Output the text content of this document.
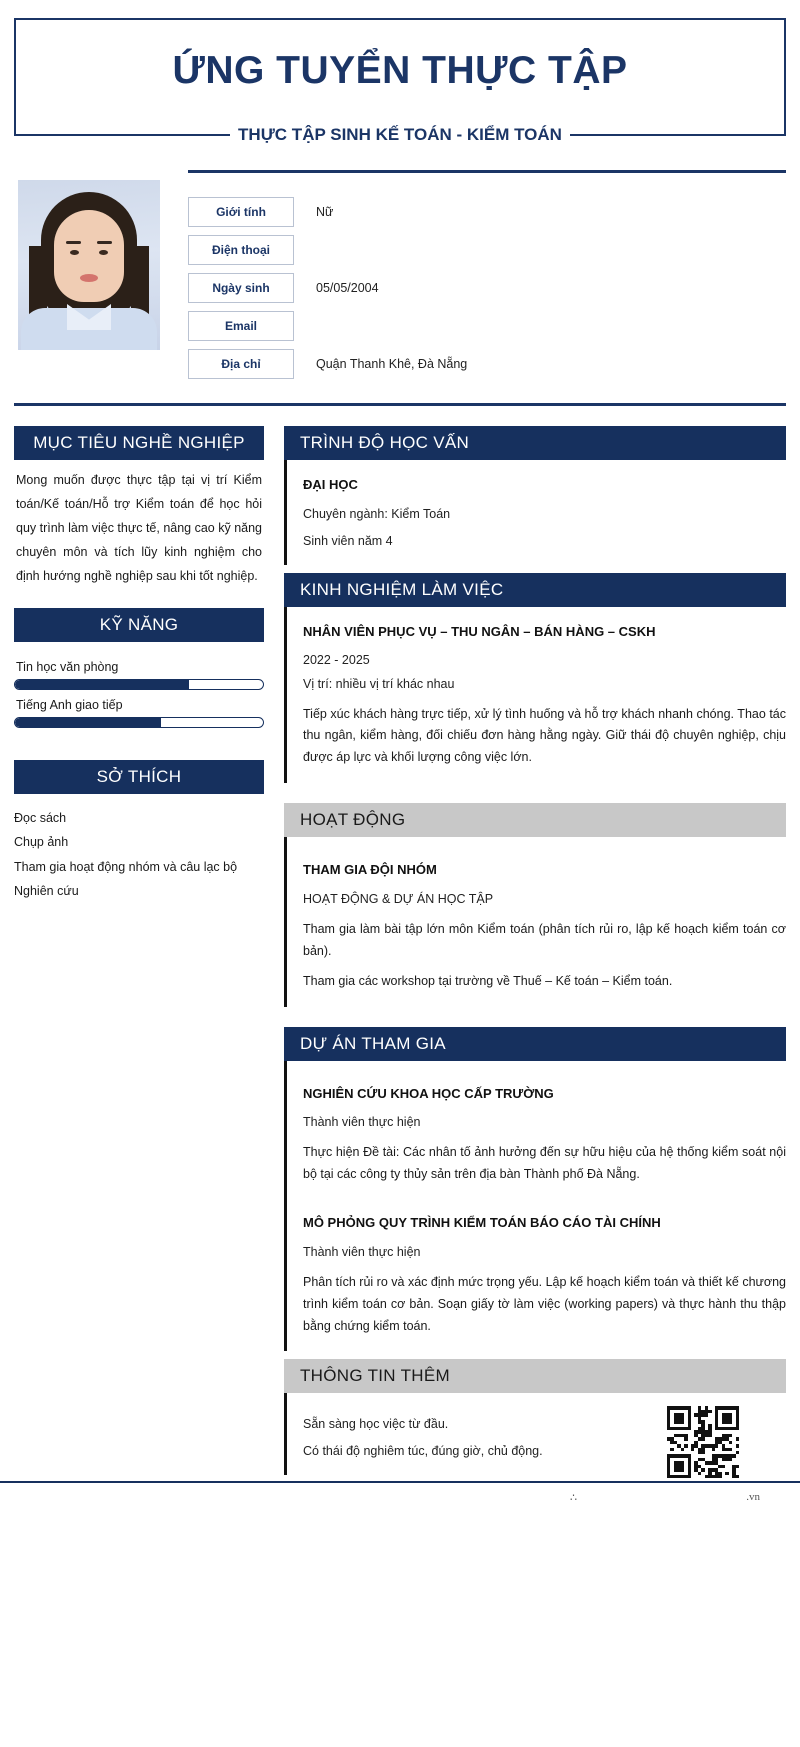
ỨNG TUYỂN THỰC TẬP
THỰC TẬP SINH KẾ TOÁN - KIỂM TOÁN
Giới tính	Nữ

Điện thoại	

Ngày sinh	05/05/2004

Email	

Địa chỉ	Quận Thanh Khê, Đà Nẵng
MỤC TIÊU NGHỀ NGHIỆP
Mong muốn được thực tập tại vị trí Kiểm toán/Kế toán/Hỗ trợ Kiểm toán để học hỏi quy trình làm việc thực tế, nâng cao kỹ năng chuyên môn và tích lũy kinh nghiệm cho định hướng nghề nghiệp sau khi tốt nghiệp.
KỸ NĂNG
Tin học văn phòng
Tiếng Anh giao tiếp
SỞ THÍCH
Đọc sách
Chụp ảnh
Tham gia hoạt động nhóm và câu lạc bộ
Nghiên cứu
TRÌNH ĐỘ HỌC VẤN
ĐẠI HỌC
Chuyên ngành: Kiểm Toán
Sinh viên năm 4
KINH NGHIỆM LÀM VIỆC
NHÂN VIÊN PHỤC VỤ – THU NGÂN – BÁN HÀNG – CSKH
2022 - 2025
Vị trí: nhiều vị trí khác nhau
Tiếp xúc khách hàng trực tiếp, xử lý tình huống và hỗ trợ khách nhanh chóng. Thao tác thu ngân, kiểm hàng, đối chiếu đơn hàng hằng ngày. Giữ thái độ chuyên nghiệp, chịu được áp lực và khối lượng công việc lớn.
HOẠT ĐỘNG
THAM GIA ĐỘI NHÓM
HOẠT ĐỘNG & DỰ ÁN HỌC TẬP
Tham gia làm bài tập lớn môn Kiểm toán (phân tích rủi ro, lập kế hoạch kiểm toán cơ bản).
Tham gia các workshop tại trường về Thuế – Kế toán – Kiểm toán.
DỰ ÁN THAM GIA
NGHIÊN CỨU KHOA HỌC CẤP TRƯỜNG
Thành viên thực hiện
Thực hiện Đề tài: Các nhân tố ảnh hưởng đến sự hữu hiệu của hệ thống kiểm soát nội bộ tại các công ty thủy sản trên địa bàn Thành phố Đà Nẵng.
MÔ PHỎNG QUY TRÌNH KIỂM TOÁN BÁO CÁO TÀI CHÍNH
Thành viên thực hiện
Phân tích rủi ro và xác định mức trọng yếu. Lập kế hoạch kiểm toán và thiết kế chương trình kiểm toán cơ bản. Soạn giấy tờ làm việc (working papers) và thực hành thu thập bằng chứng kiểm toán.
THÔNG TIN THÊM
Sẵn sàng học việc từ đầu.
Có thái độ nghiêm túc, đúng giờ, chủ động.
∴	.vn
